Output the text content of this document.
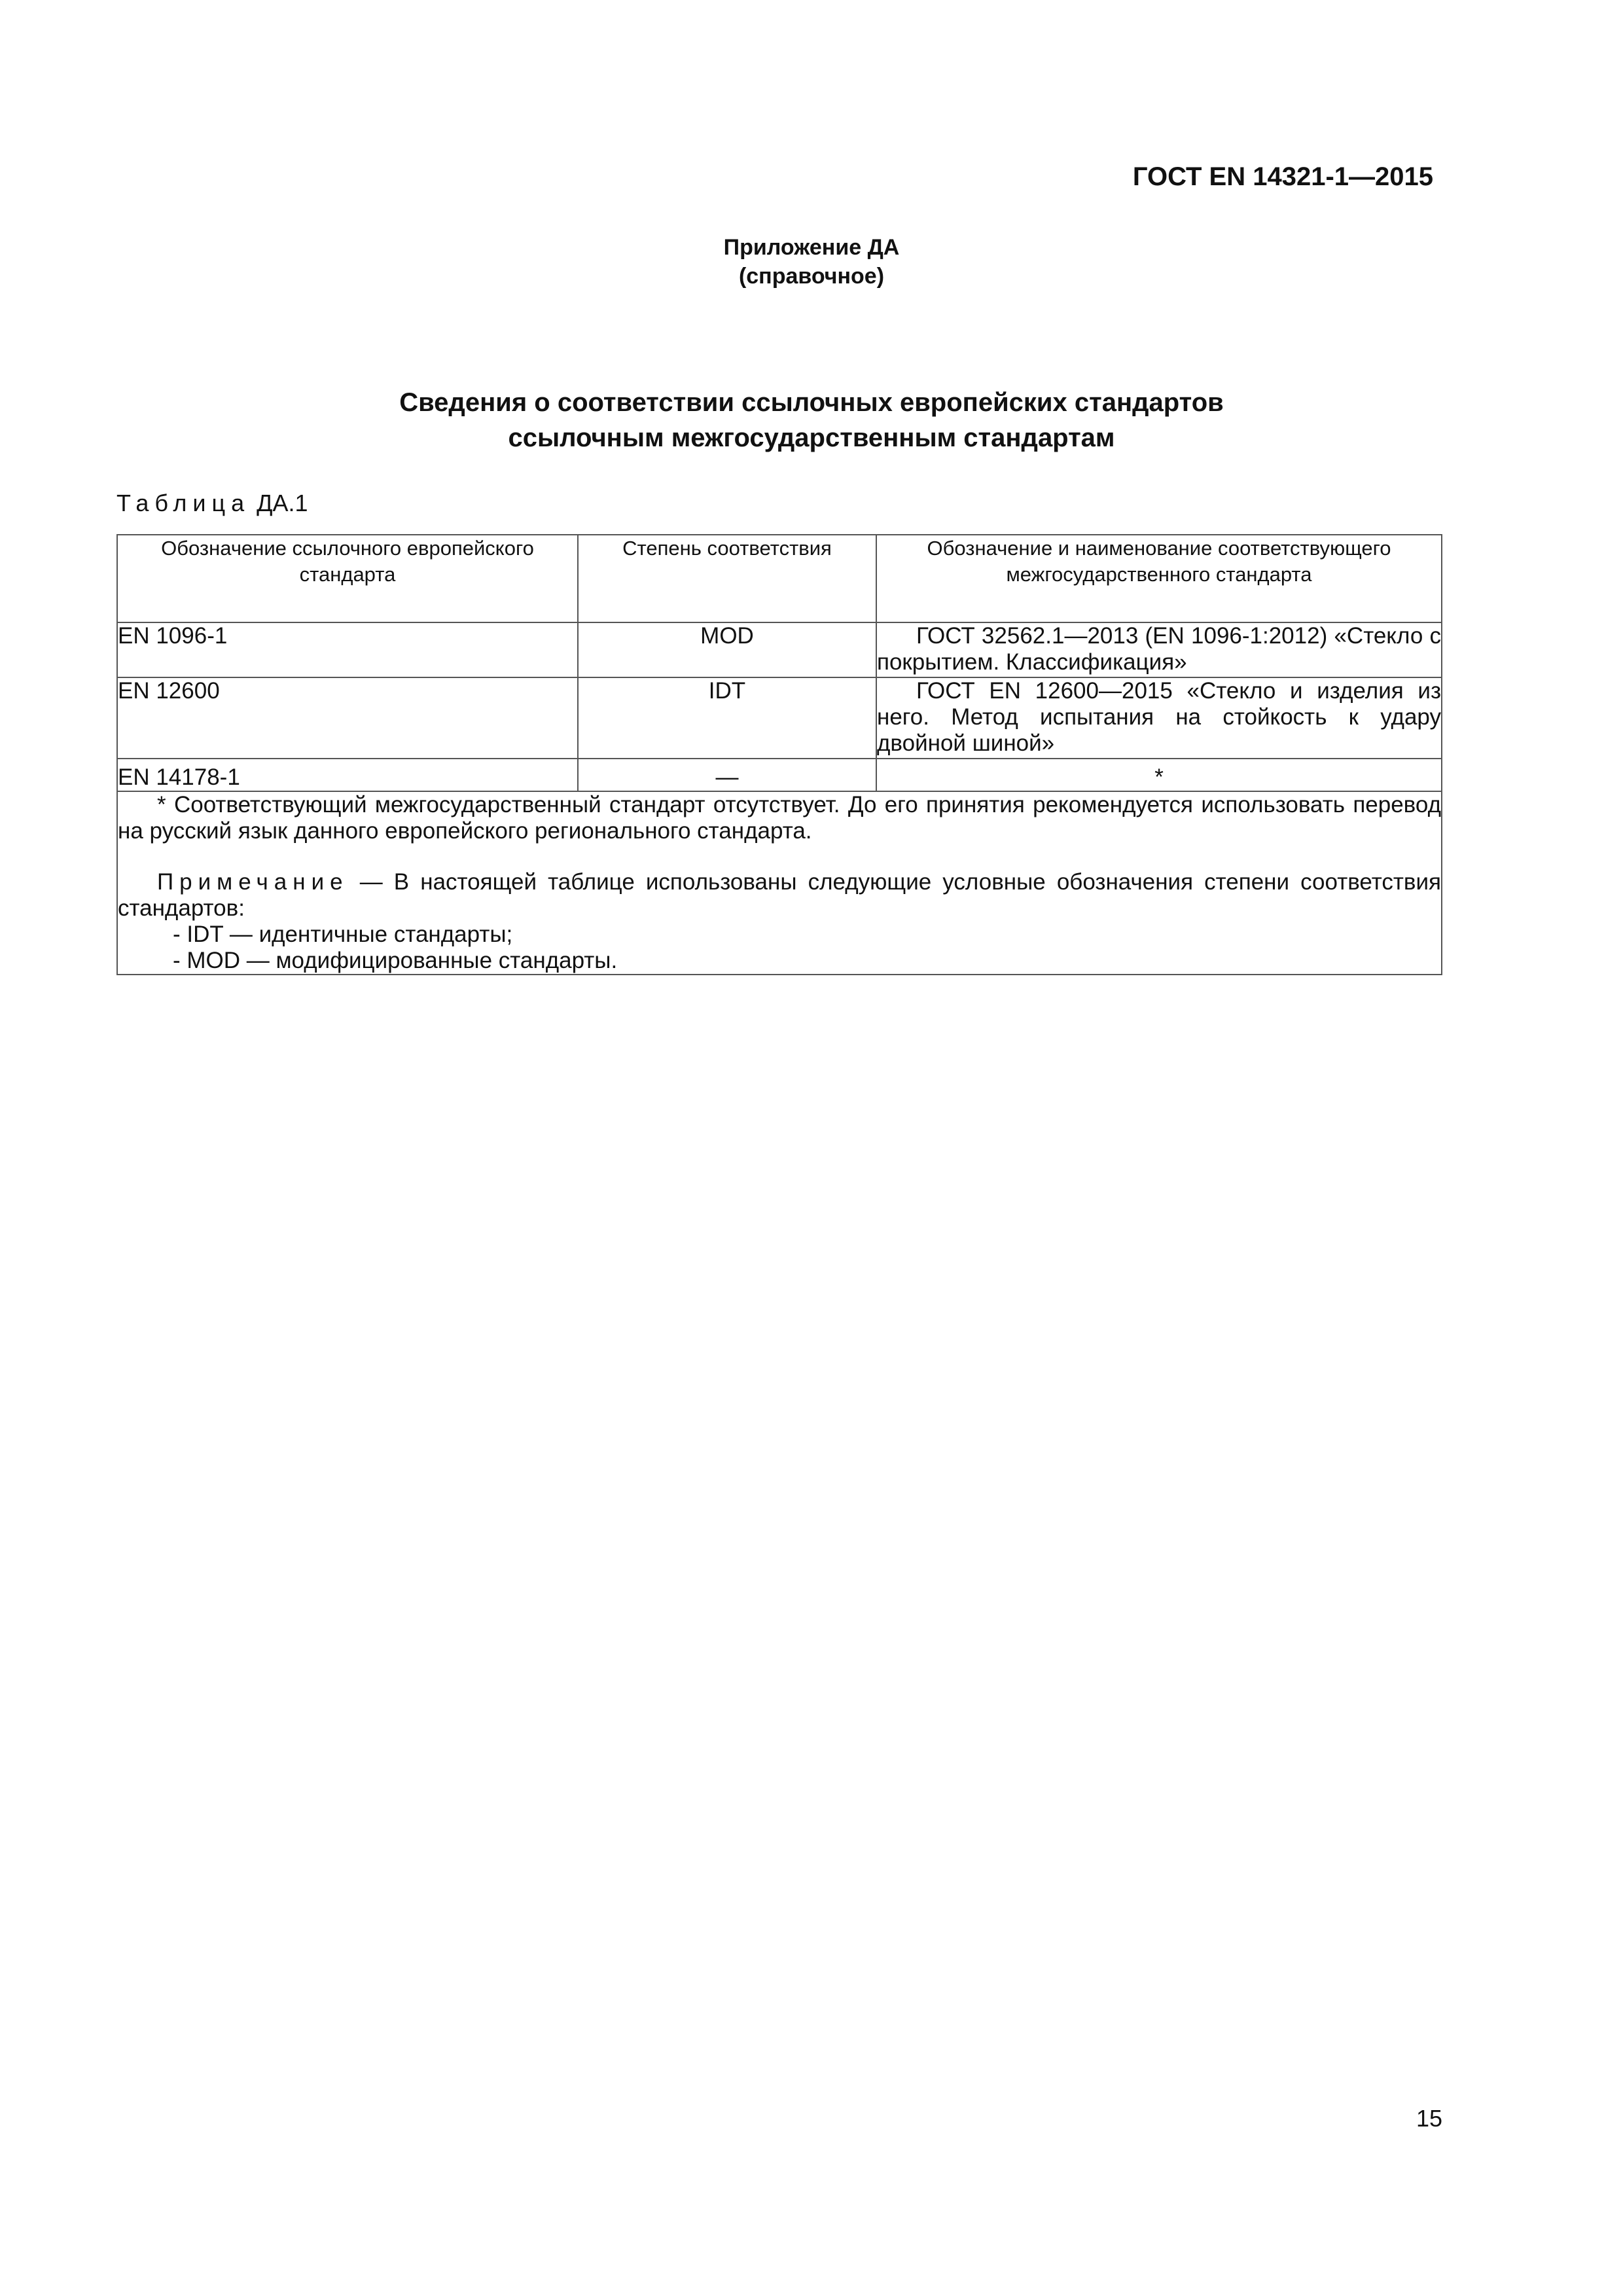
ГОСТ EN 14321-1—2015
Приложение ДА
(справочное)
Сведения о соответствии ссылочных европейских стандартов
ссылочным межгосударственным стандартам
Таблица ДА.1
Обозначение ссылочного европейского стандарта	Степень соответствия	Обозначение и наименование соответствующего межгосударственного стандарта
EN 1096-1	MOD	ГОСТ 32562.1—2013 (EN 1096-1:2012) «Стекло с покрытием. Классификация»
EN 12600	IDT	ГОСТ EN 12600—2015 «Стекло и изделия из него. Метод испытания на стойкость к удару двойной шиной»
EN 14178-1	—	*

* Соответствующий межгосударственный стандарт отсутствует. До его принятия рекомендуется использовать перевод на русский язык данного европейского регионального стандарта.

Примечание — В настоящей таблице использованы следующие условные обозначения степени соответствия стандартов:

- IDT — идентичные стандарты;

- MOD — модифицированные стандарты.		

15
